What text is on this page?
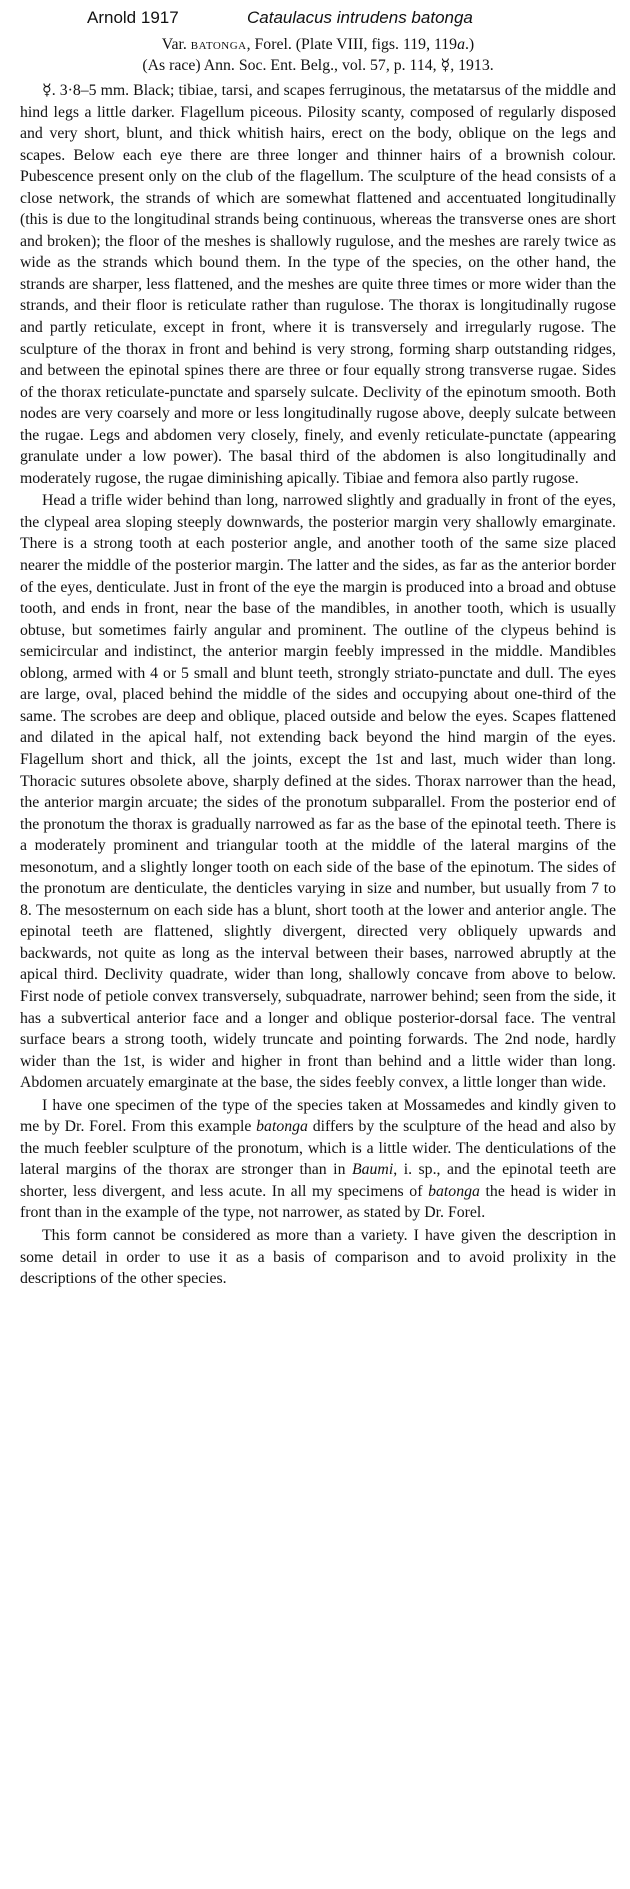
Arnold 1917	Cataulacus intrudens batonga
Var. batonga, Forel. (Plate VIII, figs. 119, 119a.)
(As race) Ann. Soc. Ent. Belg., vol. 57, p. 114, ☿, 1913.

☿. 3·8–5 mm. Black; tibiae, tarsi, and scapes ferruginous, the metatarsus of the middle and hind legs a little darker. Flagellum piceous. Pilosity scanty, composed of regularly disposed and very short, blunt, and thick whitish hairs, erect on the body, oblique on the legs and scapes. Below each eye there are three longer and thinner hairs of a brownish colour. Pubescence present only on the club of the flagellum. The sculpture of the head consists of a close network, the strands of which are somewhat flattened and accentuated longitudinally (this is due to the longitudinal strands being continuous, whereas the transverse ones are short and broken); the floor of the meshes is shallowly rugulose, and the meshes are rarely twice as wide as the strands which bound them. In the type of the species, on the other hand, the strands are sharper, less flattened, and the meshes are quite three times or more wider than the strands, and their floor is reticulate rather than rugulose. The thorax is longitudinally rugose and partly reticulate, except in front, where it is transversely and irregularly rugose. The sculpture of the thorax in front and behind is very strong, forming sharp outstanding ridges, and between the epinotal spines there are three or four equally strong transverse rugae. Sides of the thorax reticulate-punctate and sparsely sulcate. Declivity of the epinotum smooth. Both nodes are very coarsely and more or less longitudinally rugose above, deeply sulcate between the rugae. Legs and abdomen very closely, finely, and evenly reticulate-punctate (appearing granulate under a low power). The basal third of the abdomen is also longitudinally and moderately rugose, the rugae diminishing apically. Tibiae and femora also partly rugose.

Head a trifle wider behind than long, narrowed slightly and gradually in front of the eyes, the clypeal area sloping steeply downwards, the posterior margin very shallowly emarginate. There is a strong tooth at each posterior angle, and another tooth of the same size placed nearer the middle of the posterior margin. The latter and the sides, as far as the anterior border of the eyes, denticulate. Just in front of the eye the margin is produced into a broad and obtuse tooth, and ends in front, near the base of the mandibles, in another tooth, which is usually obtuse, but sometimes fairly angular and prominent. The outline of the clypeus behind is semicircular and indistinct, the anterior margin feebly impressed in the middle. Mandibles oblong, armed with 4 or 5 small and blunt teeth, strongly striato-punctate and dull. The eyes are large, oval, placed behind the middle of the sides and occupying about one-third of the same. The scrobes are deep and oblique, placed outside and below the eyes. Scapes flattened and dilated in the apical half, not extending back beyond the hind margin of the eyes. Flagellum short and thick, all the joints, except the 1st and last, much wider than long. Thoracic sutures obsolete above, sharply defined at the sides. Thorax narrower than the head, the anterior margin arcuate; the sides of the pronotum subparallel. From the posterior end of the pronotum the thorax is gradually narrowed as far as the base of the epinotal teeth. There is a moderately prominent and triangular tooth at the middle of the lateral margins of the mesonotum, and a slightly longer tooth on each side of the base of the epinotum. The sides of the pronotum are denticulate, the denticles varying in size and number, but usually from 7 to 8. The mesosternum on each side has a blunt, short tooth at the lower and anterior angle. The epinotal teeth are flattened, slightly divergent, directed very obliquely upwards and backwards, not quite as long as the interval between their bases, narrowed abruptly at the apical third. Declivity quadrate, wider than long, shallowly concave from above to below. First node of petiole convex transversely, subquadrate, narrower behind; seen from the side, it has a subvertical anterior face and a longer and oblique posterior-dorsal face. The ventral surface bears a strong tooth, widely truncate and pointing forwards. The 2nd node, hardly wider than the 1st, is wider and higher in front than behind and a little wider than long. Abdomen arcuately emarginate at the base, the sides feebly convex, a little longer than wide.

I have one specimen of the type of the species taken at Mossamedes and kindly given to me by Dr. Forel. From this example batonga differs by the sculpture of the head and also by the much feebler sculpture of the pronotum, which is a little wider. The denticulations of the lateral margins of the thorax are stronger than in Baumi, i. sp., and the epinotal teeth are shorter, less divergent, and less acute. In all my specimens of batonga the head is wider in front than in the example of the type, not narrower, as stated by Dr. Forel.

This form cannot be considered as more than a variety. I have given the description in some detail in order to use it as a basis of comparison and to avoid prolixity in the descriptions of the other species.
